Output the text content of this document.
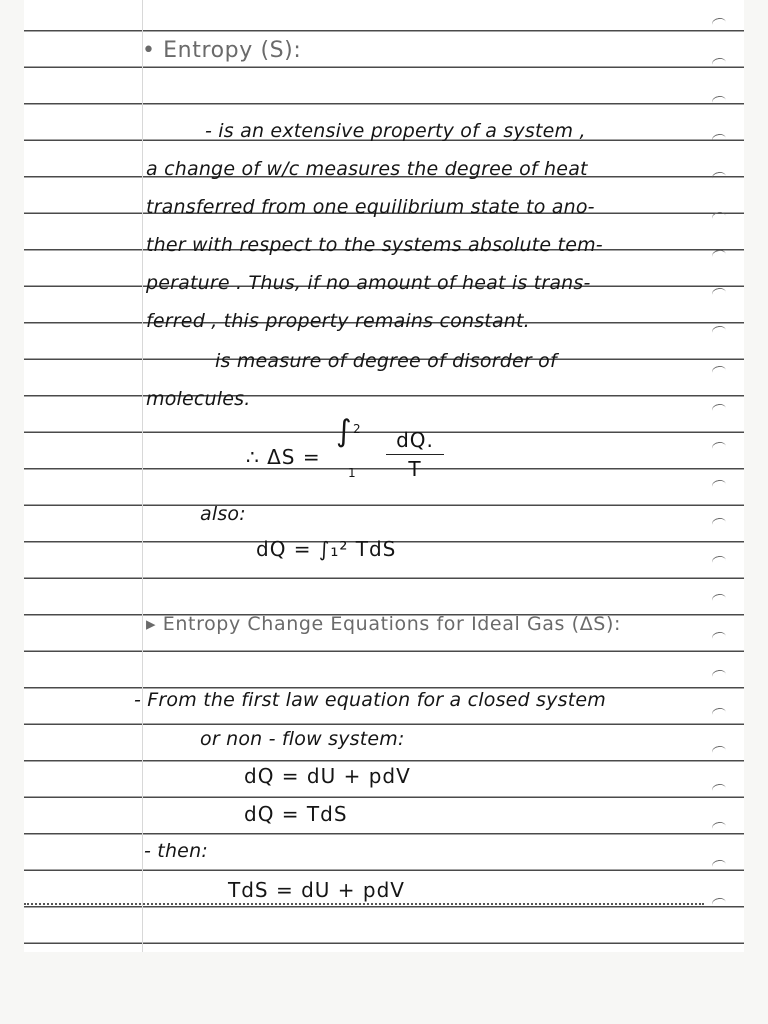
• Entropy (S):
- is an extensive property of a system ,
a change of w/c measures the degree of heat
transferred from one equilibrium state to ano-
ther with respect to the systems absolute tem-
perature . Thus, if no amount of heat is trans-
ferred , this property remains constant.
is measure of degree of disorder of
molecules.
∴ ΔS =
∫ 2
1
dQ.
T
also:
dQ = ∫₁² TdS
▸ Entropy Change Equations for Ideal Gas (ΔS):
- From the first law equation for a closed system
or non - flow system:
dQ = dU + pdV
dQ = TdS
- then:
TdS = dU + pdV
